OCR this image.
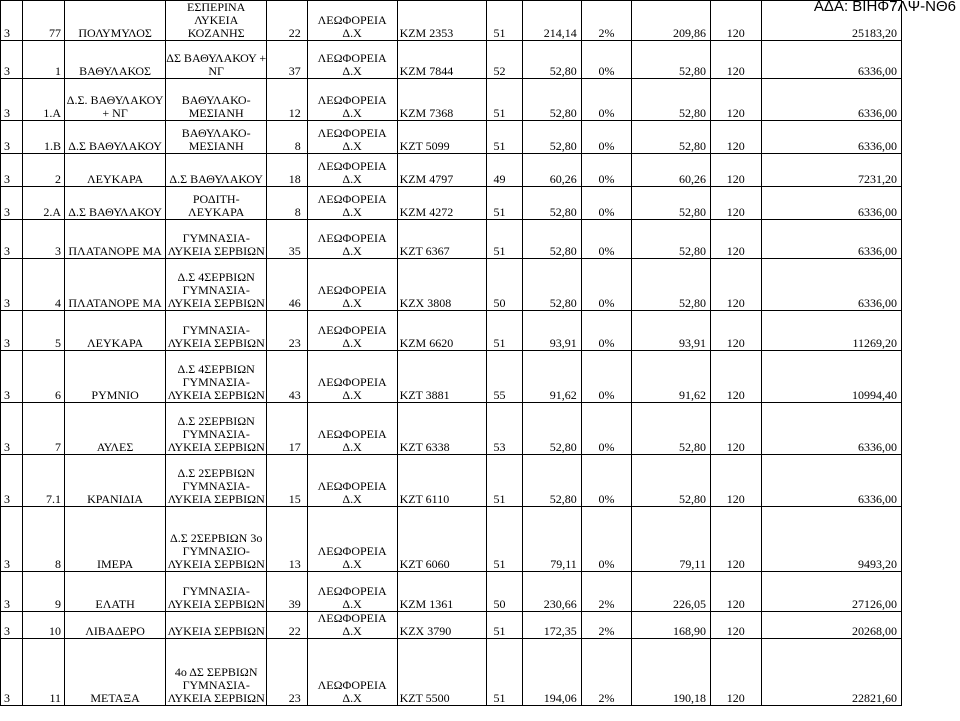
ΑΔΑ: ΒΙΗΦ7ΛΨ-ΝΘ6
3	77	ΠΟΛΥΜΥΛΟΣ	ΕΣΠΕΡΙΝΑ ΛΥΚΕΙΑ ΚΟΖΑΝΗΣ	22	ΛΕΩΦΟΡΕΙΑ Δ.Χ	ΚΖΜ 2353	51	214,14	2%	209,86	120	25183,20
3	1	ΒΑΘΥΛΑΚΟΣ	ΔΣ ΒΑΘΥΛΑΚΟΥ + ΝΓ	37	ΛΕΩΦΟΡΕΙΑ Δ.Χ	ΚΖΜ 7844	52	52,80	0%	52,80	120	6336,00
3	1.Α	Δ.Σ. ΒΑΘΥΛΑΚΟΥ + ΝΓ	ΒΑΘΥΛΑΚΟ-ΜΕΣΙΑΝΗ	12	ΛΕΩΦΟΡΕΙΑ Δ.Χ	ΚΖΜ 7368	51	52,80	0%	52,80	120	6336,00
3	1.Β	Δ.Σ ΒΑΘΥΛΑΚΟΥ	ΒΑΘΥΛΑΚΟ-ΜΕΣΙΑΝΗ	8	ΛΕΩΦΟΡΕΙΑ Δ.Χ	ΚΖΤ 5099	51	52,80	0%	52,80	120	6336,00
3	2	ΛΕΥΚΑΡΑ	Δ.Σ ΒΑΘΥΛΑΚΟΥ	18	ΛΕΩΦΟΡΕΙΑ Δ.Χ	ΚΖΜ 4797	49	60,26	0%	60,26	120	7231,20
3	2.Α	Δ.Σ ΒΑΘΥΛΑΚΟΥ	ΡΟΔΙΤΗ-ΛΕΥΚΑΡΑ	8	ΛΕΩΦΟΡΕΙΑ Δ.Χ	ΚΖΜ 4272	51	52,80	0%	52,80	120	6336,00
3	3	ΠΛΑΤΑΝΟΡΕ ΜΑ	ΓΥΜΝΑΣΙΑ-ΛΥΚΕΙΑ ΣΕΡΒΙΩΝ	35	ΛΕΩΦΟΡΕΙΑ Δ.Χ	ΚΖΤ 6367	51	52,80	0%	52,80	120	6336,00
3	4	ΠΛΑΤΑΝΟΡΕ ΜΑ	Δ.Σ 4ΣΕΡΒΙΩΝ ΓΥΜΝΑΣΙΑ-ΛΥΚΕΙΑ ΣΕΡΒΙΩΝ	46	ΛΕΩΦΟΡΕΙΑ Δ.Χ	ΚΖΧ 3808	50	52,80	0%	52,80	120	6336,00
3	5	ΛΕΥΚΑΡΑ	ΓΥΜΝΑΣΙΑ-ΛΥΚΕΙΑ ΣΕΡΒΙΩΝ	23	ΛΕΩΦΟΡΕΙΑ Δ.Χ	ΚΖΜ 6620	51	93,91	0%	93,91	120	11269,20
3	6	ΡΥΜΝΙΟ	Δ.Σ 4ΣΕΡΒΙΩΝ ΓΥΜΝΑΣΙΑ-ΛΥΚΕΙΑ ΣΕΡΒΙΩΝ	43	ΛΕΩΦΟΡΕΙΑ Δ.Χ	ΚΖΤ 3881	55	91,62	0%	91,62	120	10994,40
3	7	ΑΥΛΕΣ	Δ.Σ 2ΣΕΡΒΙΩΝ ΓΥΜΝΑΣΙΑ-ΛΥΚΕΙΑ ΣΕΡΒΙΩΝ	17	ΛΕΩΦΟΡΕΙΑ Δ.Χ	ΚΖΤ 6338	53	52,80	0%	52,80	120	6336,00
3	7.1	ΚΡΑΝΙΔΙΑ	Δ.Σ 2ΣΕΡΒΙΩΝ ΓΥΜΝΑΣΙΑ-ΛΥΚΕΙΑ ΣΕΡΒΙΩΝ	15	ΛΕΩΦΟΡΕΙΑ Δ.Χ	ΚΖΤ 6110	51	52,80	0%	52,80	120	6336,00
3	8	ΙΜΕΡΑ	Δ.Σ 2ΣΕΡΒΙΩΝ 3ο ΓΥΜΝΑΣΙΟ-ΛΥΚΕΙΑ ΣΕΡΒΙΩΝ	13	ΛΕΩΦΟΡΕΙΑ Δ.Χ	ΚΖΤ 6060	51	79,11	0%	79,11	120	9493,20
3	9	ΕΛΑΤΗ	ΓΥΜΝΑΣΙΑ-ΛΥΚΕΙΑ ΣΕΡΒΙΩΝ	39	ΛΕΩΦΟΡΕΙΑ Δ.Χ	ΚΖΜ 1361	50	230,66	2%	226,05	120	27126,00
3	10	ΛΙΒΑΔΕΡΟ	ΛΥΚΕΙΑ ΣΕΡΒΙΩΝ	22	ΛΕΩΦΟΡΕΙΑ Δ.Χ	ΚΖΧ 3790	51	172,35	2%	168,90	120	20268,00
3	11	ΜΕΤΑΞΑ	4ο ΔΣ ΣΕΡΒΙΩΝ ΓΥΜΝΑΣΙΑ-ΛΥΚΕΙΑ ΣΕΡΒΙΩΝ	23	ΛΕΩΦΟΡΕΙΑ Δ.Χ	ΚΖΤ 5500	51	194,06	2%	190,18	120	22821,60
